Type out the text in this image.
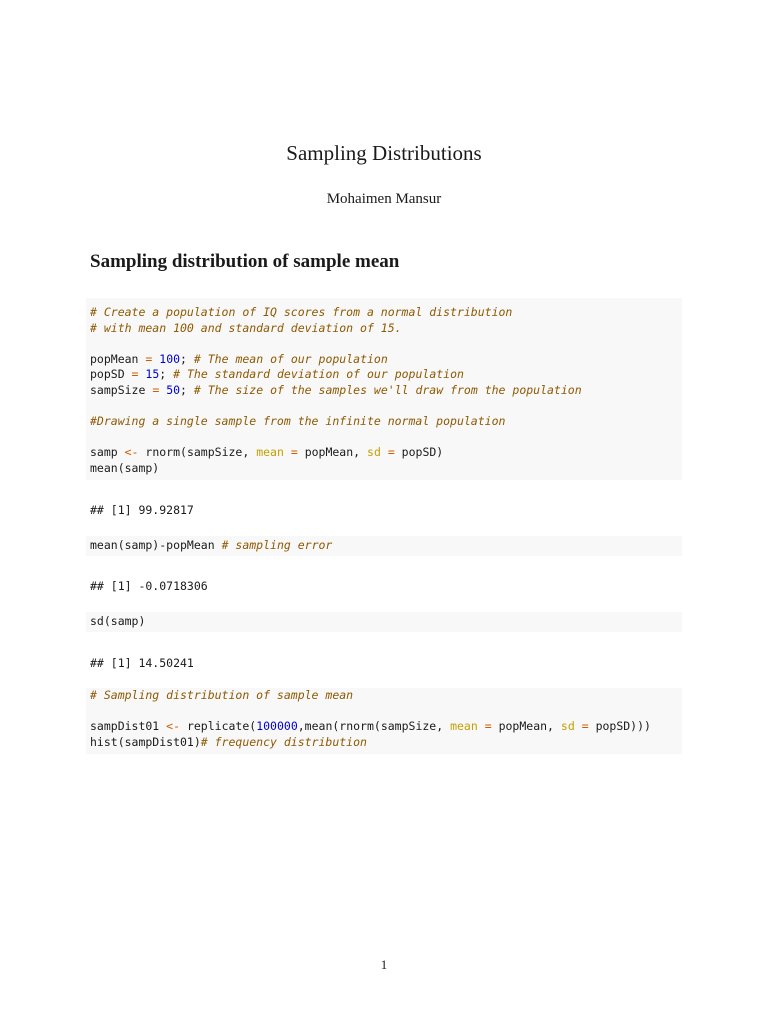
Sampling Distributions
Mohaimen Mansur
Sampling distribution of sample mean
# Create a population of IQ scores from a normal distribution
# with mean 100 and standard deviation of 15.
popMean = 100; # The mean of our population
popSD = 15; # The standard deviation of our population
sampSize = 50; # The size of the samples we'll draw from the population
#Drawing a single sample from the infinite normal population
samp <- rnorm(sampSize, mean = popMean, sd = popSD)
mean(samp)
## [1] 99.92817
mean(samp)-popMean # sampling error
## [1] -0.0718306
sd(samp)
## [1] 14.50241
# Sampling distribution of sample mean
sampDist01 <- replicate(100000,mean(rnorm(sampSize, mean = popMean, sd = popSD)))
hist(sampDist01)# frequency distribution
1
